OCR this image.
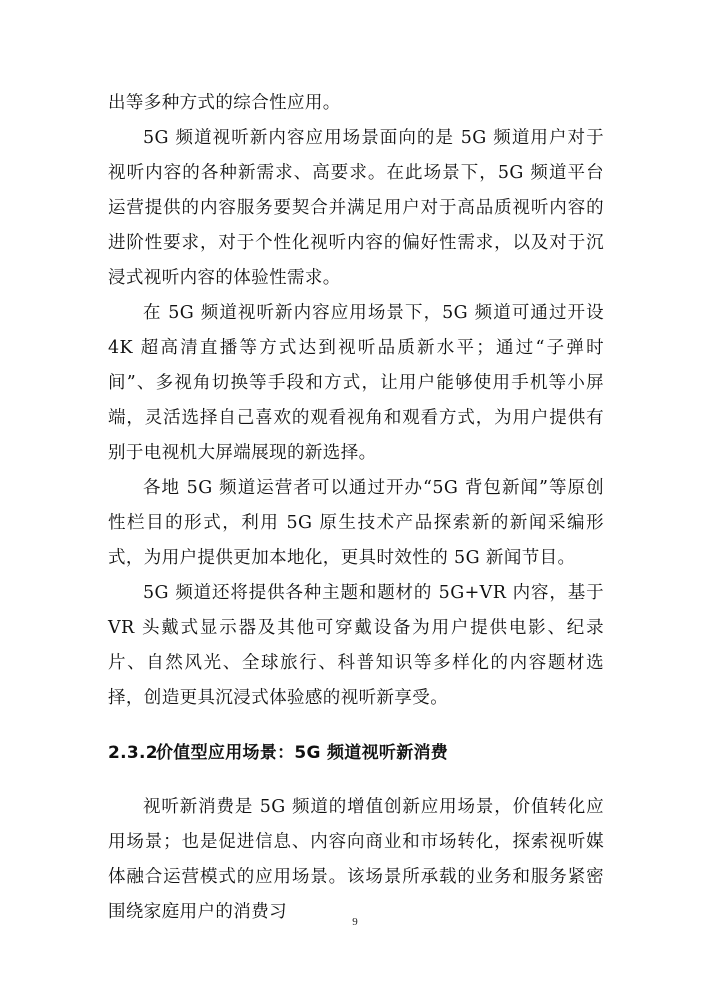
出等多种方式的综合性应用。

5G 频道视听新内容应用场景面向的是 5G 频道用户对于视听内容的各种新需求、高要求。在此场景下，5G 频道平台运营提供的内容服务要契合并满足用户对于高品质视听内容的进阶性要求，对于个性化视听内容的偏好性需求，以及对于沉浸式视听内容的体验性需求。

在 5G 频道视听新内容应用场景下，5G 频道可通过开设 4K 超高清直播等方式达到视听品质新水平；通过“子弹时间”、多视角切换等手段和方式，让用户能够使用手机等小屏端，灵活选择自己喜欢的观看视角和观看方式，为用户提供有别于电视机大屏端展现的新选择。

各地 5G 频道运营者可以通过开办“5G 背包新闻”等原创性栏目的形式，利用 5G 原生技术产品探索新的新闻采编形式，为用户提供更加本地化，更具时效性的 5G 新闻节目。

5G 频道还将提供各种主题和题材的 5G+VR 内容，基于 VR 头戴式显示器及其他可穿戴设备为用户提供电影、纪录片、自然风光、全球旅行、科普知识等多样化的内容题材选择，创造更具沉浸式体验感的视听新享受。

2.3.2价值型应用场景：5G 频道视听新消费

视听新消费是 5G 频道的增值创新应用场景，价值转化应用场景；也是促进信息、内容向商业和市场转化，探索视听媒体融合运营模式的应用场景。该场景所承载的业务和服务紧密围绕家庭用户的消费习	9
